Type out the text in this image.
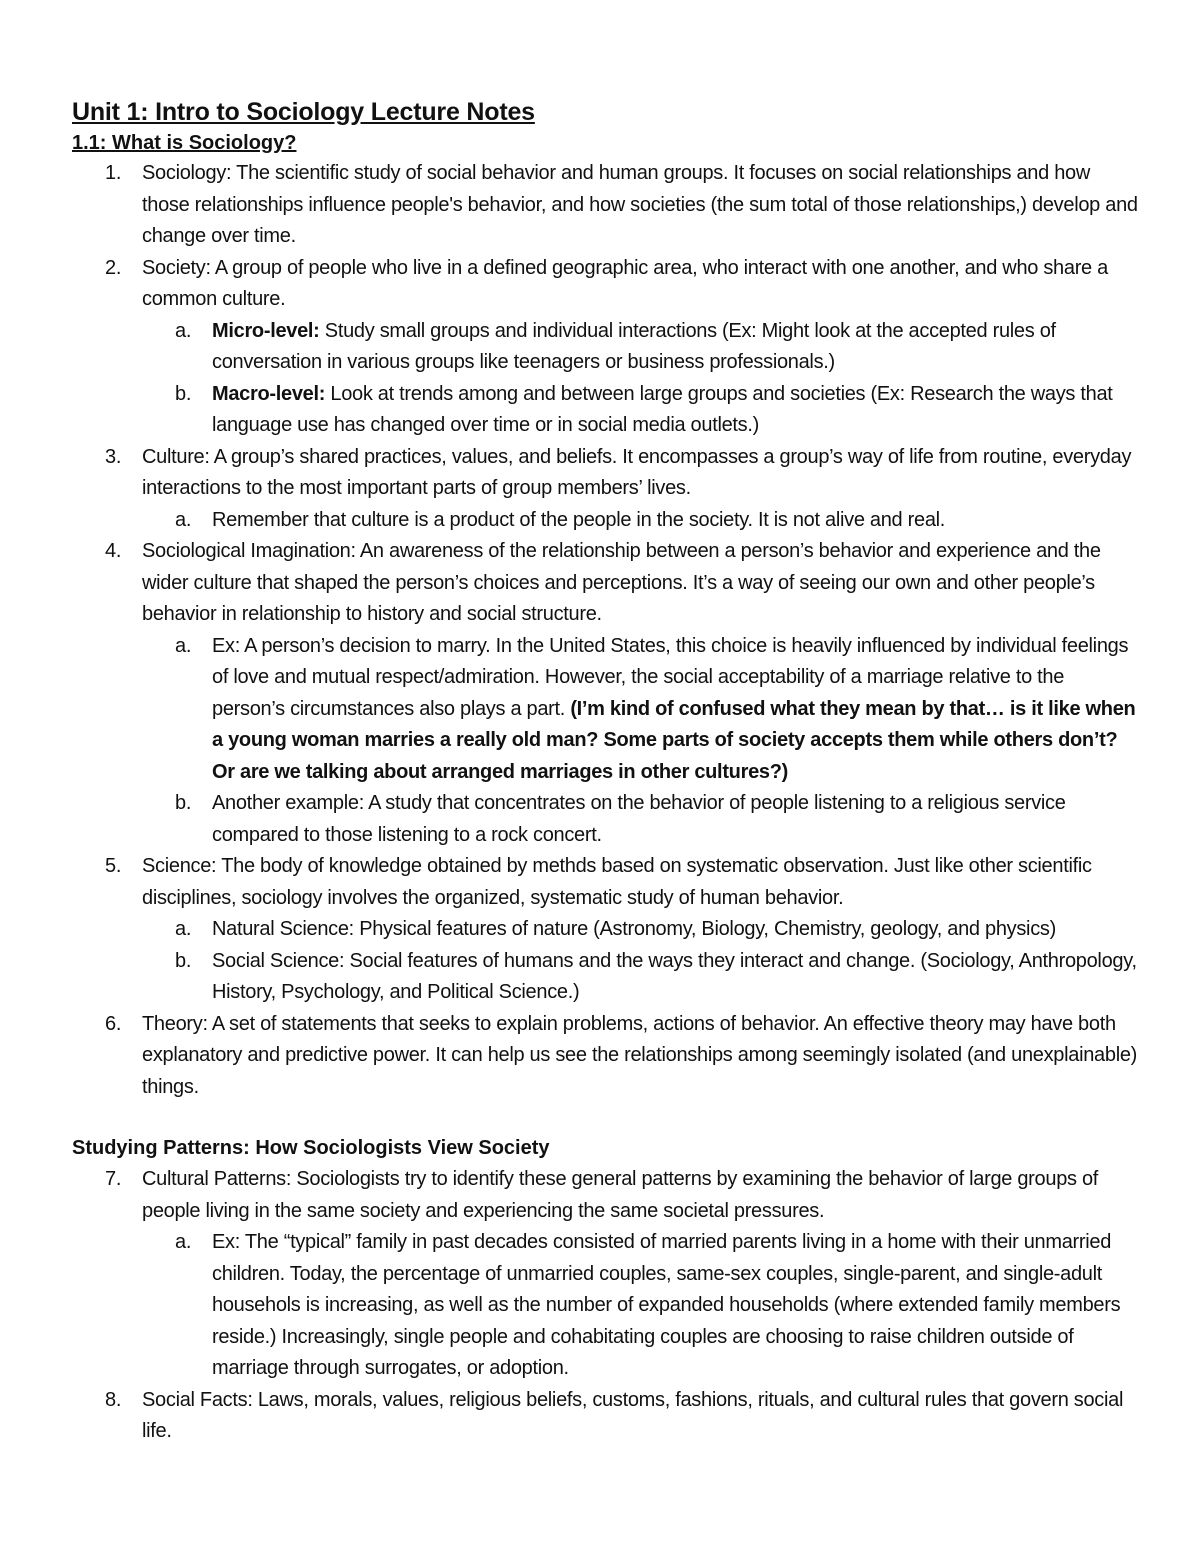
Unit 1: Intro to Sociology Lecture Notes
1.1: What is Sociology?
1. Sociology: The scientific study of social behavior and human groups. It focuses on social relationships and how those relationships influence people's behavior, and how societies (the sum total of those relationships,) develop and change over time.
2. Society: A group of people who live in a defined geographic area, who interact with one another, and who share a common culture.
a. Micro-level: Study small groups and individual interactions (Ex: Might look at the accepted rules of conversation in various groups like teenagers or business professionals.)
b. Macro-level: Look at trends among and between large groups and societies (Ex: Research the ways that language use has changed over time or in social media outlets.)
3. Culture: A group’s shared practices, values, and beliefs. It encompasses a group’s way of life from routine, everyday interactions to the most important parts of group members’ lives.
a. Remember that culture is a product of the people in the society. It is not alive and real.
4. Sociological Imagination: An awareness of the relationship between a person’s behavior and experience and the wider culture that shaped the person’s choices and perceptions. It’s a way of seeing our own and other people’s behavior in relationship to history and social structure.
a. Ex: A person’s decision to marry. In the United States, this choice is heavily influenced by individual feelings of love and mutual respect/admiration. However, the social acceptability of a marriage relative to the person’s circumstances also plays a part. (I’m kind of confused what they mean by that… is it like when a young woman marries a really old man? Some parts of society accepts them while others don’t? Or are we talking about arranged marriages in other cultures?)
b. Another example: A study that concentrates on the behavior of people listening to a religious service compared to those listening to a rock concert.
5. Science: The body of knowledge obtained by methds based on systematic observation. Just like other scientific disciplines, sociology involves the organized, systematic study of human behavior.
a. Natural Science: Physical features of nature (Astronomy, Biology, Chemistry, geology, and physics)
b. Social Science: Social features of humans and the ways they interact and change. (Sociology, Anthropology, History, Psychology, and Political Science.)
6. Theory: A set of statements that seeks to explain problems, actions of behavior. An effective theory may have both explanatory and predictive power. It can help us see the relationships among seemingly isolated (and unexplainable) things.
Studying Patterns: How Sociologists View Society
7. Cultural Patterns: Sociologists try to identify these general patterns by examining the behavior of large groups of people living in the same society and experiencing the same societal pressures.
a. Ex: The “typical” family in past decades consisted of married parents living in a home with their unmarried children. Today, the percentage of unmarried couples, same-sex couples, single-parent, and single-adult househols is increasing, as well as the number of expanded households (where extended family members reside.) Increasingly, single people and cohabitating couples are choosing to raise children outside of marriage through surrogates, or adoption.
8. Social Facts: Laws, morals, values, religious beliefs, customs, fashions, rituals, and cultural rules that govern social life.
